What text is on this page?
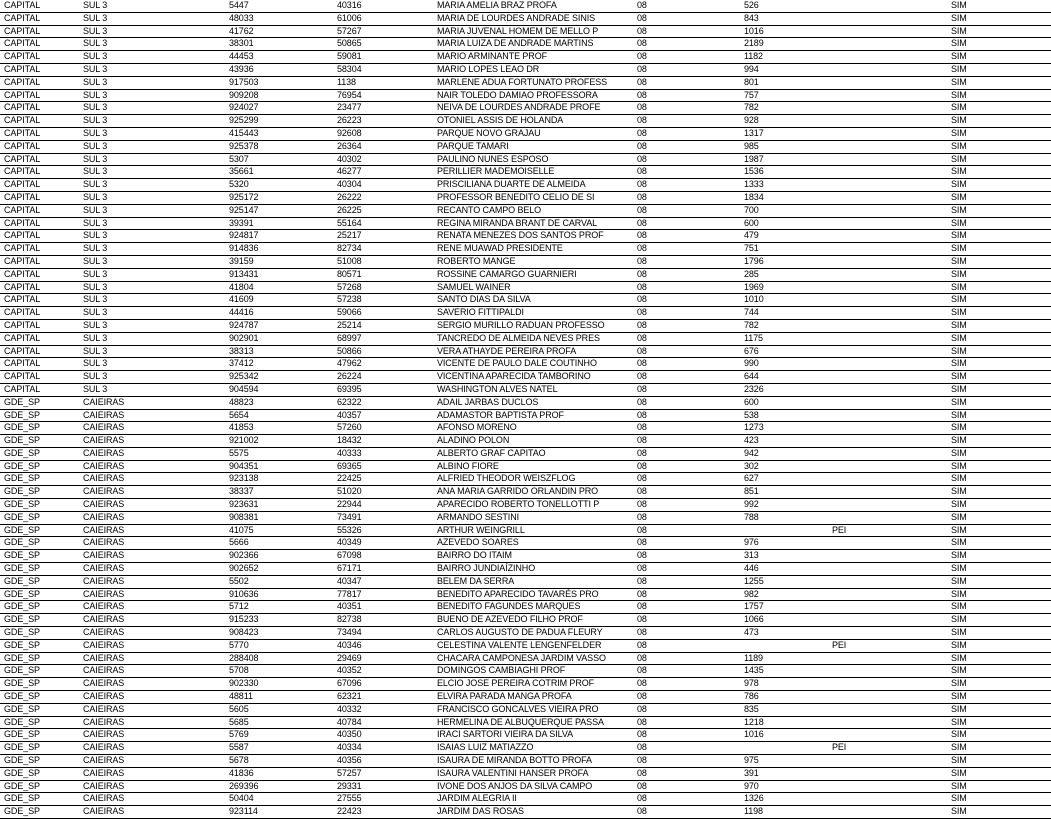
CAPITAL	SUL 3	5447	40316	MARIA AMELIA BRAZ PROFA	08	526		SIM
CAPITAL	SUL 3	48033	61006	MARIA DE LOURDES ANDRADE SINIS	08	843		SIM
CAPITAL	SUL 3	41762	57267	MARIA JUVENAL HOMEM DE MELLO P	08	1016		SIM
CAPITAL	SUL 3	38301	50865	MARIA LUIZA DE ANDRADE MARTINS	08	2189		SIM
CAPITAL	SUL 3	44453	59081	MARIO ARMINANTE PROF	08	1182		SIM
CAPITAL	SUL 3	43936	58304	MARIO LOPES LEAO DR	08	994		SIM
CAPITAL	SUL 3	917503	1138	MARLENE ADUA FORTUNATO PROFESS	08	801		SIM
CAPITAL	SUL 3	909208	76954	NAIR TOLEDO DAMIAO PROFESSORA	08	757		SIM
CAPITAL	SUL 3	924027	23477	NEIVA DE LOURDES ANDRADE PROFE	08	782		SIM
CAPITAL	SUL 3	925299	26223	OTONIEL ASSIS DE HOLANDA	08	928		SIM
CAPITAL	SUL 3	415443	92608	PARQUE NOVO GRAJAU	08	1317		SIM
CAPITAL	SUL 3	925378	26364	PARQUE TAMARI	08	985		SIM
CAPITAL	SUL 3	5307	40302	PAULINO NUNES ESPOSO	08	1987		SIM
CAPITAL	SUL 3	35661	46277	PERILLIER MADEMOISELLE	08	1536		SIM
CAPITAL	SUL 3	5320	40304	PRISCILIANA DUARTE DE ALMEIDA	08	1333		SIM
CAPITAL	SUL 3	925172	26222	PROFESSOR BENEDITO CELIO DE SI	08	1834		SIM
CAPITAL	SUL 3	925147	26225	RECANTO CAMPO BELO	08	700		SIM
CAPITAL	SUL 3	39391	55164	REGINA MIRANDA BRANT DE CARVAL	08	600		SIM
CAPITAL	SUL 3	924817	25217	RENATA MENEZES DOS SANTOS PROF	08	479		SIM
CAPITAL	SUL 3	914836	82734	RENE MUAWAD PRESIDENTE	08	751		SIM
CAPITAL	SUL 3	39159	51008	ROBERTO MANGE	08	1796		SIM
CAPITAL	SUL 3	913431	80571	ROSSINE CAMARGO GUARNIERI	08	285		SIM
CAPITAL	SUL 3	41804	57268	SAMUEL WAINER	08	1969		SIM
CAPITAL	SUL 3	41609	57238	SANTO DIAS DA SILVA	08	1010		SIM
CAPITAL	SUL 3	44416	59066	SAVERIO FITTIPALDI	08	744		SIM
CAPITAL	SUL 3	924787	25214	SERGIO MURILLO RADUAN PROFESSO	08	782		SIM
CAPITAL	SUL 3	902901	68997	TANCREDO DE ALMEIDA NEVES PRES	08	1175		SIM
CAPITAL	SUL 3	38313	50866	VERA ATHAYDE PEREIRA PROFA	08	676		SIM
CAPITAL	SUL 3	37412	47962	VICENTE DE PAULO DALE COUTINHO	08	990		SIM
CAPITAL	SUL 3	925342	26224	VICENTINA APARECIDA TAMBORINO	08	644		SIM
CAPITAL	SUL 3	904594	69395	WASHINGTON ALVES NATEL	08	2326		SIM
GDE_SP	CAIEIRAS	48823	62322	ADAIL JARBAS DUCLOS	08	600		SIM
GDE_SP	CAIEIRAS	5654	40357	ADAMASTOR BAPTISTA PROF	08	538		SIM
GDE_SP	CAIEIRAS	41853	57260	AFONSO MORENO	08	1273		SIM
GDE_SP	CAIEIRAS	921002	18432	ALADINO POLON	08	423		SIM
GDE_SP	CAIEIRAS	5575	40333	ALBERTO GRAF CAPITAO	08	942		SIM
GDE_SP	CAIEIRAS	904351	69365	ALBINO FIORE	08	302		SIM
GDE_SP	CAIEIRAS	923138	22425	ALFRIED THEODOR WEISZFLOG	08	627		SIM
GDE_SP	CAIEIRAS	38337	51020	ANA MARIA GARRIDO ORLANDIN PRO	08	851		SIM
GDE_SP	CAIEIRAS	923631	22944	APARECIDO ROBERTO TONELLOTTI P	08	992		SIM
GDE_SP	CAIEIRAS	908381	73491	ARMANDO SESTINI	08	788		SIM
GDE_SP	CAIEIRAS	41075	55326	ARTHUR WEINGRILL	08		PEI	SIM
GDE_SP	CAIEIRAS	5666	40349	AZEVEDO SOARES	08	976		SIM
GDE_SP	CAIEIRAS	902366	67098	BAIRRO DO ITAIM	08	313		SIM
GDE_SP	CAIEIRAS	902652	67171	BAIRRO JUNDIAÍZINHO	08	446		SIM
GDE_SP	CAIEIRAS	5502	40347	BELEM DA SERRA	08	1255		SIM
GDE_SP	CAIEIRAS	910636	77817	BENEDITO APARECIDO TAVARÉS PRO	08	982		SIM
GDE_SP	CAIEIRAS	5712	40351	BENEDITO FAGUNDES MARQUES	08	1757		SIM
GDE_SP	CAIEIRAS	915233	82738	BUENO DE AZEVEDO FILHO PROF	08	1066		SIM
GDE_SP	CAIEIRAS	908423	73494	CARLOS AUGUSTO DE PADUA FLEURY	08	473		SIM
GDE_SP	CAIEIRAS	5770	40346	CELESTINA VALENTE LENGENFELDER	08		PEI	SIM
GDE_SP	CAIEIRAS	288408	29469	CHACARA CAMPONESA JARDIM VASSO	08	1189		SIM
GDE_SP	CAIEIRAS	5708	40352	DOMINGOS CAMBIAGHI PROF	08	1435		SIM
GDE_SP	CAIEIRAS	902330	67096	ELCIO JOSE PEREIRA COTRIM PROF	08	978		SIM
GDE_SP	CAIEIRAS	48811	62321	ELVIRA PARADA MANGA PROFA	08	786		SIM
GDE_SP	CAIEIRAS	5605	40332	FRANCISCO GONCALVES VIEIRA PRO	08	835		SIM
GDE_SP	CAIEIRAS	5685	40784	HERMELINA DE ALBUQUERQUE PASSA	08	1218		SIM
GDE_SP	CAIEIRAS	5769	40350	IRACI SARTORI VIEIRA DA SILVA	08	1016		SIM
GDE_SP	CAIEIRAS	5587	40334	ISAIAS LUIZ MATIAZZO	08		PEI	SIM
GDE_SP	CAIEIRAS	5678	40356	ISAURA DE MIRANDA BOTTO PROFA	08	975		SIM
GDE_SP	CAIEIRAS	41836	57257	ISAURA VALENTINI HANSER PROFA	08	391		SIM
GDE_SP	CAIEIRAS	269396	29331	IVONE DOS ANJOS DA SILVA CAMPO	08	970		SIM
GDE_SP	CAIEIRAS	50404	27555	JARDIM ALEGRIA II	08	1326		SIM
GDE_SP	CAIEIRAS	923114	22423	JARDIM DAS ROSAS	08	1198		SIM
